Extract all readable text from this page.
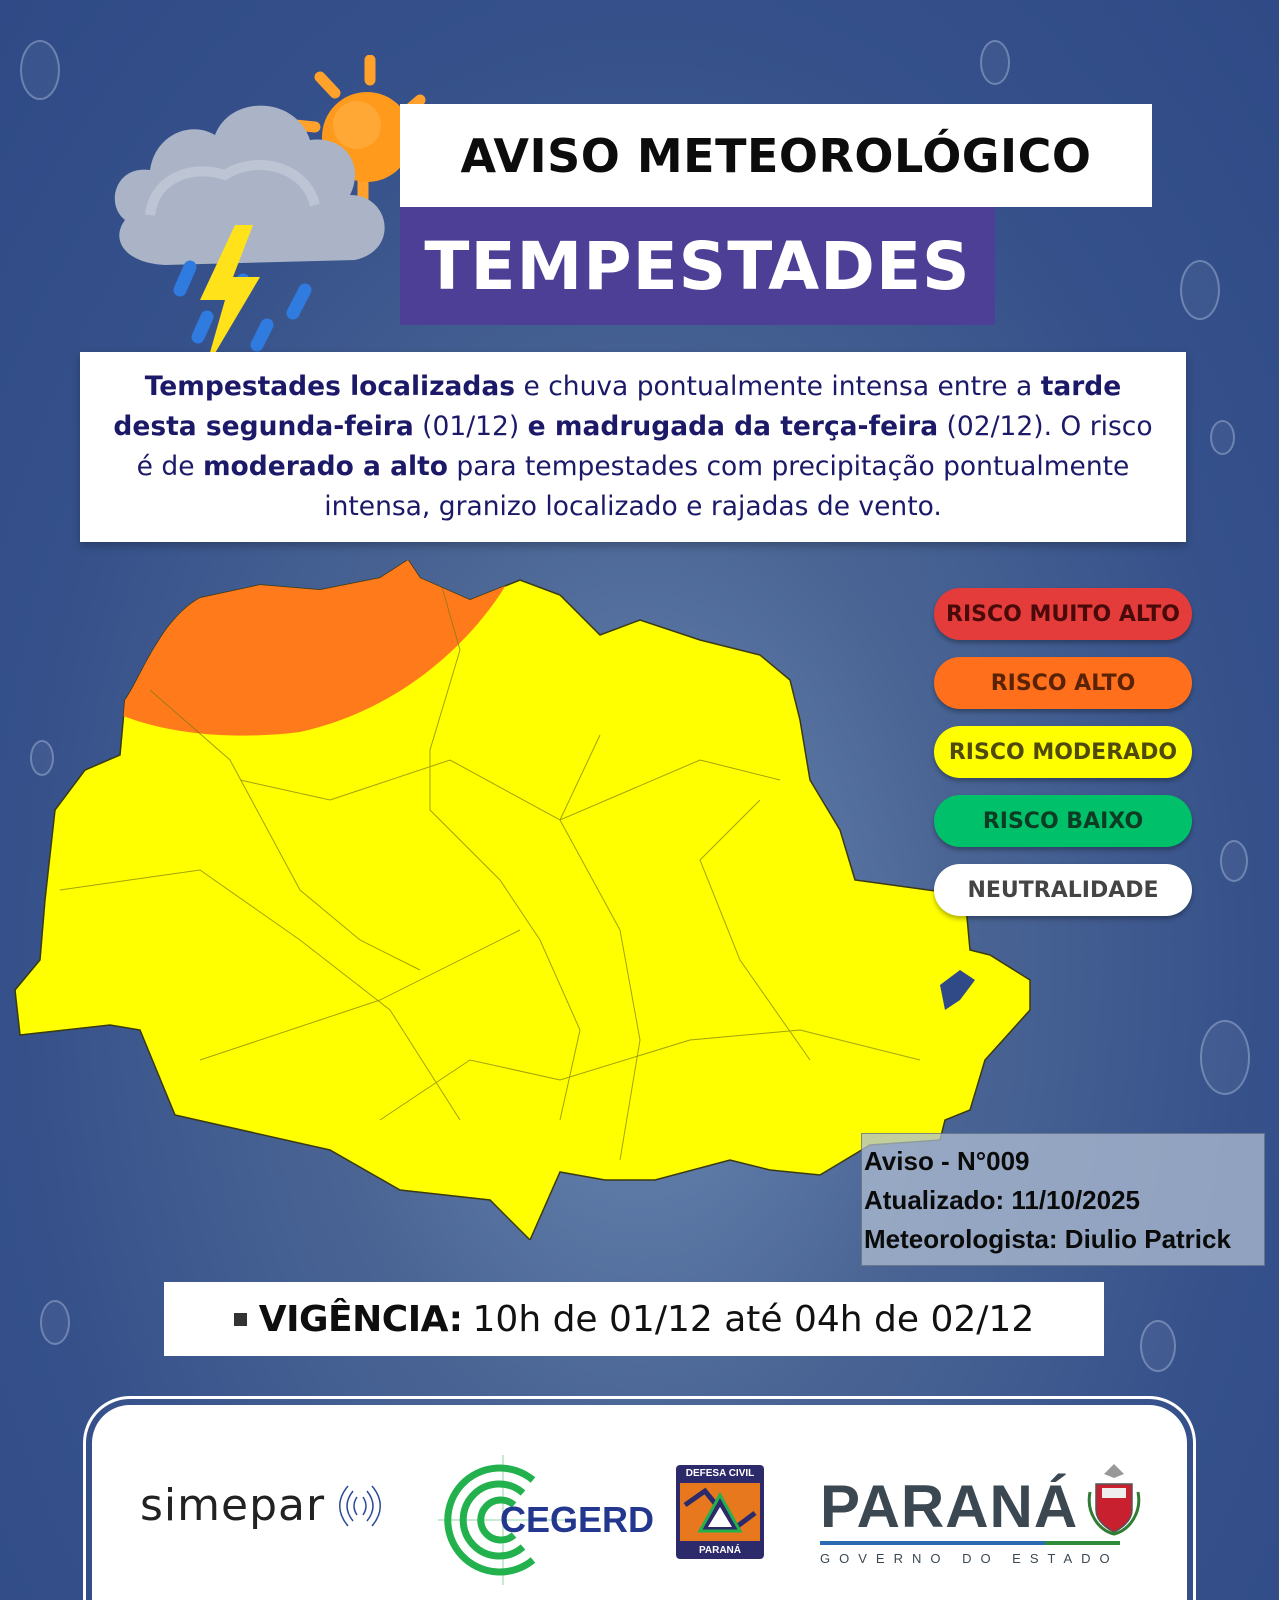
AVISO METEOROLÓGICO
TEMPESTADES

Tempestades localizadas e chuva pontualmente intensa entre a tarde desta segunda-feira (01/12) e madrugada da terça-feira (02/12). O risco é de moderado a alto para tempestades com precipitação pontualmente intensa, granizo localizado e rajadas de vento.

RISCO MUITO ALTO
RISCO ALTO
RISCO MODERADO
RISCO BAIXO
NEUTRALIDADE
Aviso - N°009
Atualizado: 11/10/2025
Meteorologista: Diulio Patrick
VIGÊNCIA: 10h de 01/12 até 04h de 02/12
simepar	CEGERD
DEFESA CIVIL
PARANÁ
PARANÁ
GOVERNO DO ESTADO
